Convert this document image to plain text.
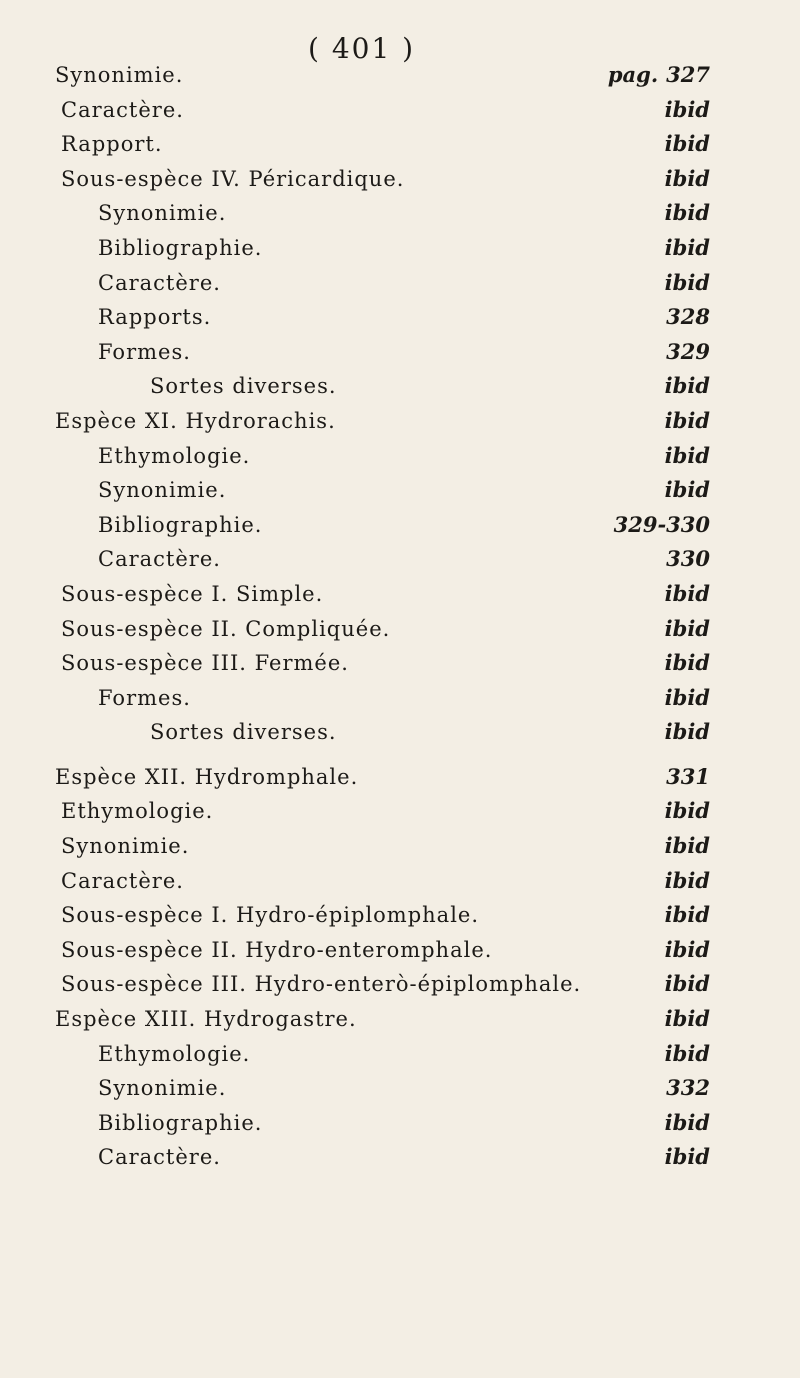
( 401 )
Synonimie.	pag. 327
Caractère.	ibid
Rapport.	ibid
Sous-espèce IV. Péricardique.	ibid
Synonimie.	ibid
Bibliographie.	ibid
Caractère.	ibid
Rapports.	328
Formes.	329
Sortes diverses.	ibid
Espèce XI. Hydrorachis.	ibid
Ethymologie.	ibid
Synonimie.	ibid
Bibliographie.	329-330
Caractère.	330
Sous-espèce I. Simple.	ibid
Sous-espèce II. Compliquée.	ibid
Sous-espèce III. Fermée.	ibid
Formes.	ibid
Sortes diverses.	ibid
Espèce XII. Hydromphale.	331
Ethymologie.	ibid
Synonimie.	ibid
Caractère.	ibid
Sous-espèce I. Hydro-épiplomphale.	ibid
Sous-espèce II. Hydro-enteromphale.	ibid
Sous-espèce III. Hydro-enterò-épiplomphale.	ibid
Espèce XIII. Hydrogastre.	ibid
Ethymologie.	ibid
Synonimie.	332
Bibliographie.	ibid
Caractère.	ibid
